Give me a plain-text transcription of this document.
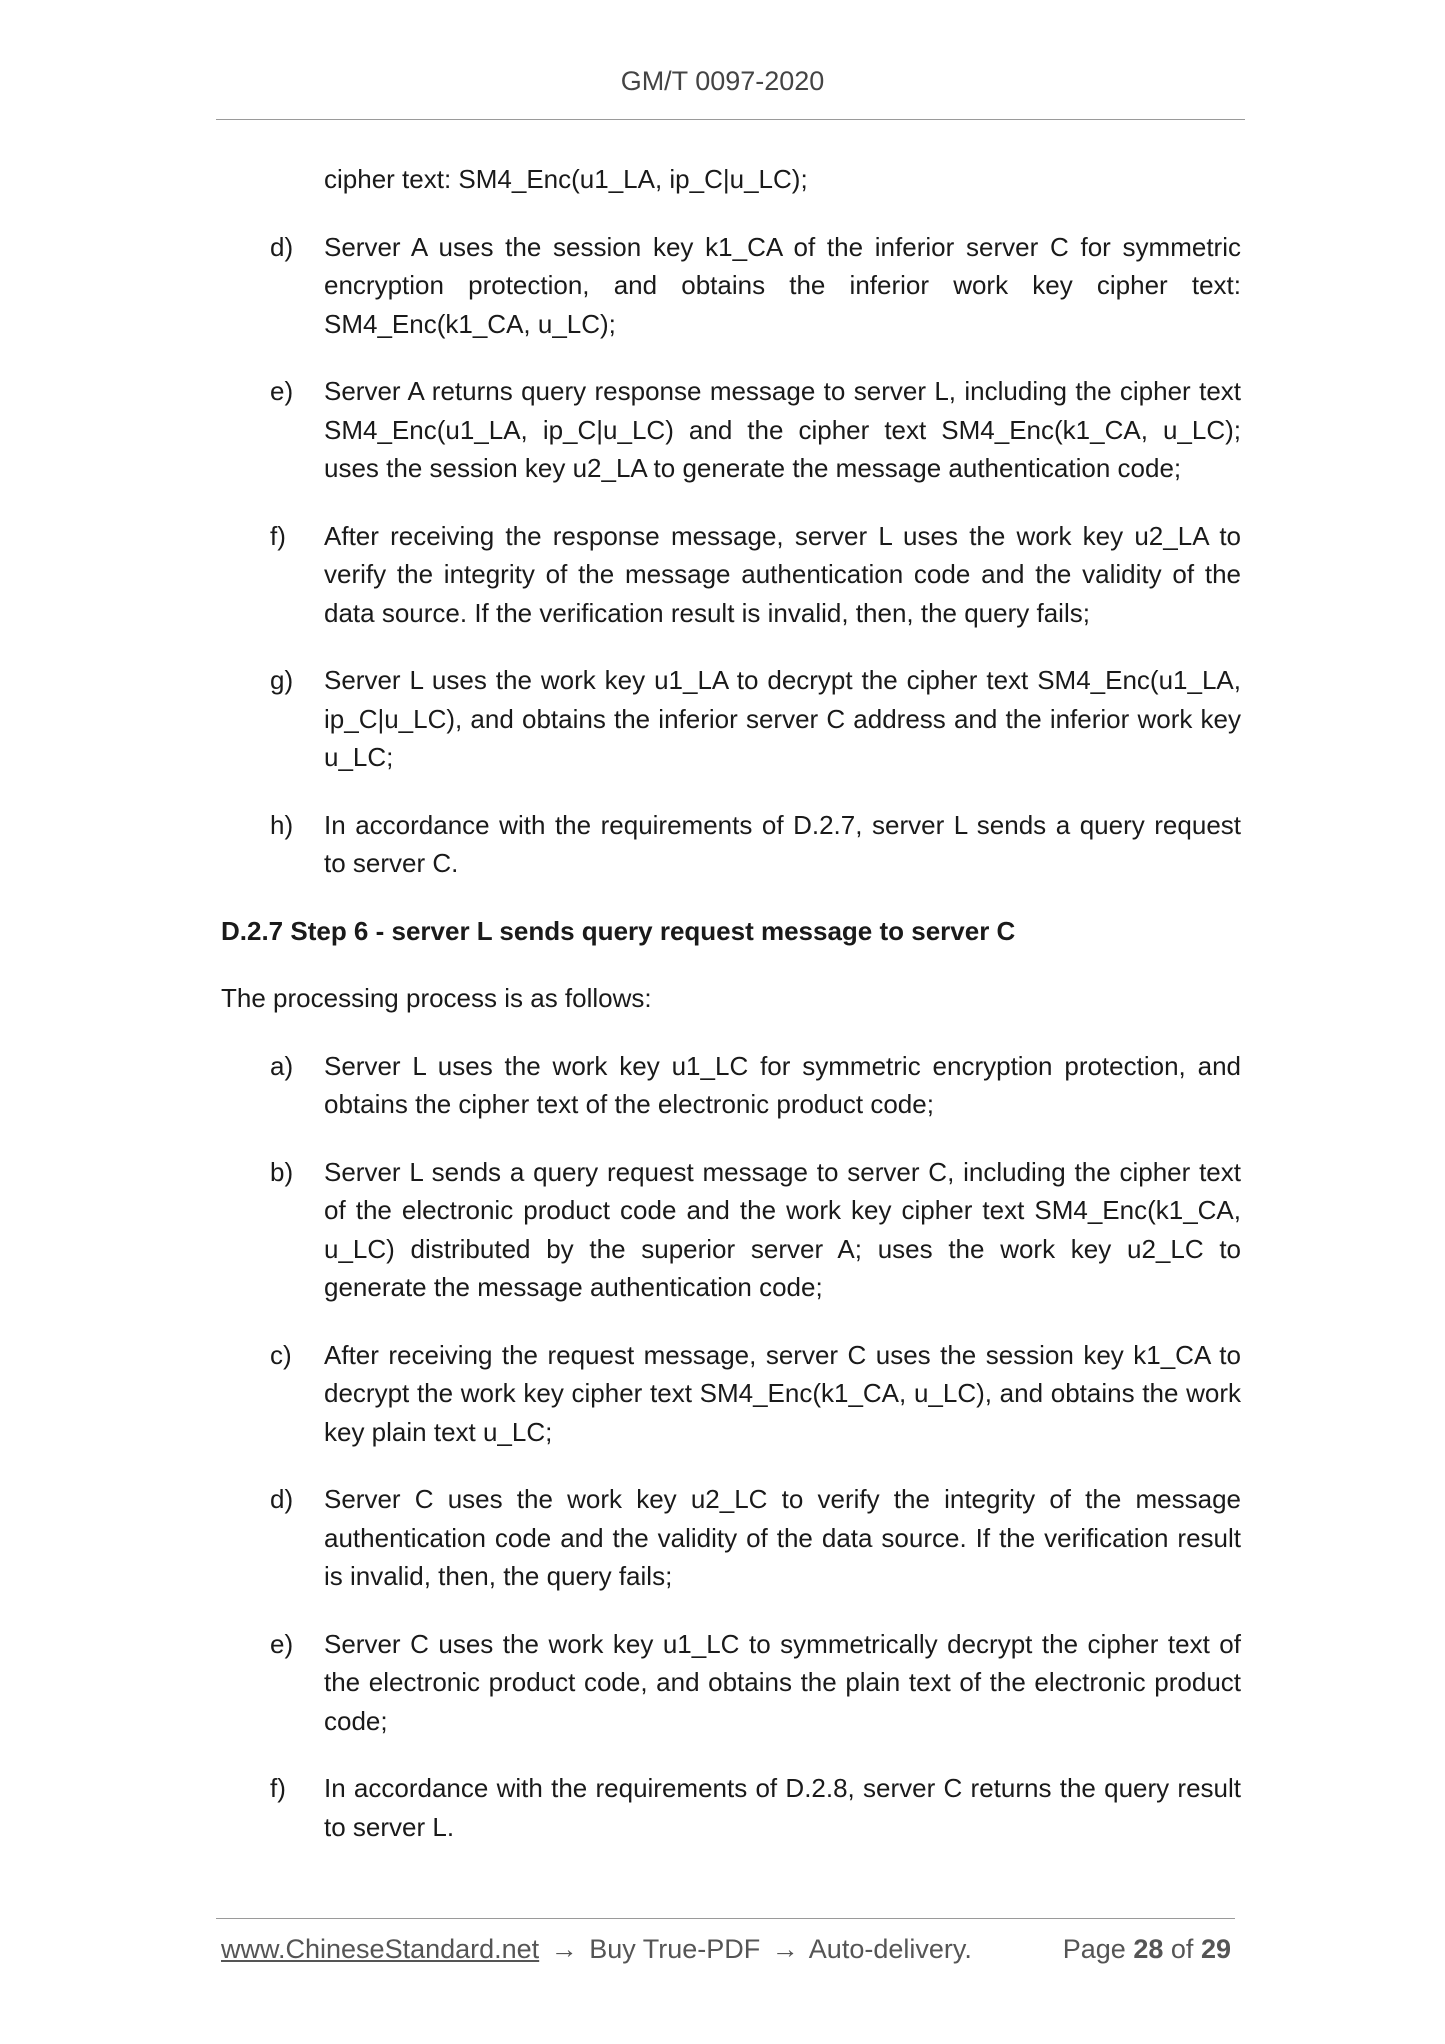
GM/T 0097-2020
cipher text: SM4_Enc(u1_LA, ip_C|u_LC);
d)	Server A uses the session key k1_CA of the inferior server C for symmetric encryption protection, and obtains the inferior work key cipher text: SM4_Enc(k1_CA, u_LC);
e)	Server A returns query response message to server L, including the cipher text SM4_Enc(u1_LA, ip_C|u_LC) and the cipher text SM4_Enc(k1_CA, u_LC); uses the session key u2_LA to generate the message authentication code;
f)	After receiving the response message, server L uses the work key u2_LA to verify the integrity of the message authentication code and the validity of the data source. If the verification result is invalid, then, the query fails;
g)	Server L uses the work key u1_LA to decrypt the cipher text SM4_Enc(u1_LA, ip_C|u_LC), and obtains the inferior server C address and the inferior work key u_LC;
h)	In accordance with the requirements of D.2.7, server L sends a query request to server C.
D.2.7 Step 6 - server L sends query request message to server C
The processing process is as follows:
a)	Server L uses the work key u1_LC for symmetric encryption protection, and obtains the cipher text of the electronic product code;
b)	Server L sends a query request message to server C, including the cipher text of the electronic product code and the work key cipher text SM4_Enc(k1_CA, u_LC) distributed by the superior server A; uses the work key u2_LC to generate the message authentication code;
c)	After receiving the request message, server C uses the session key k1_CA to decrypt the work key cipher text SM4_Enc(k1_CA, u_LC), and obtains the work key plain text u_LC;
d)	Server C uses the work key u2_LC to verify the integrity of the message authentication code and the validity of the data source. If the verification result is invalid, then, the query fails;
e)	Server C uses the work key u1_LC to symmetrically decrypt the cipher text of the electronic product code, and obtains the plain text of the electronic product code;
f)	In accordance with the requirements of D.2.8, server C returns the query result to server L.
www.ChineseStandard.net → Buy True-PDF → Auto-delivery.	Page 28 of 29
